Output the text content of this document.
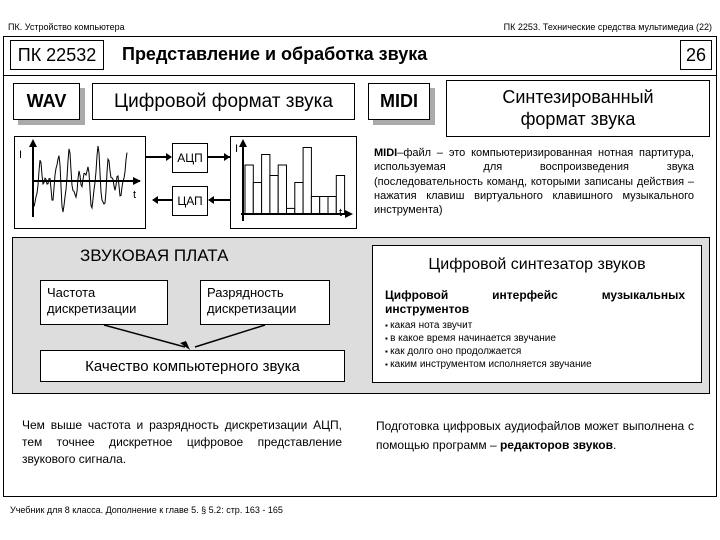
ПК. Устройство компьютера	ПК 2253. Технические средства мультимедиа (22)
ПК 22532	Представление и обработка звука	26
WAV	Цифровой формат звука	MIDI	Синтезированный формат звука
I
t
АЦП
ЦАП
I
t
MIDI–файл – это компьютеризированная нотная партитура, используемая для воспроизведения звука (последовательность команд, которыми записаны действия – нажатия клавиш виртуального клавишного музыкального инструмента)
ЗВУКОВАЯ ПЛАТА
Частота дискретизации
Разрядность дискретизации
Качество компьютерного звука
Цифровой синтезатор звуков
Цифровой интерфейс музыкальных инструментов
▪ какая нота звучит
▪ в какое время начинается звучание
▪ как долго оно продолжается
▪ каким инструментом исполняется звучание
Чем выше частота и разрядность дискретизации АЦП, тем точнее дискретное цифровое представление звукового сигнала.
Подготовка цифровых аудиофайлов может выполнена с помощью программ – редакторов звуков.
Учебник для 8 класса. Дополнение к главе 5. § 5.2: стр. 163 - 165
